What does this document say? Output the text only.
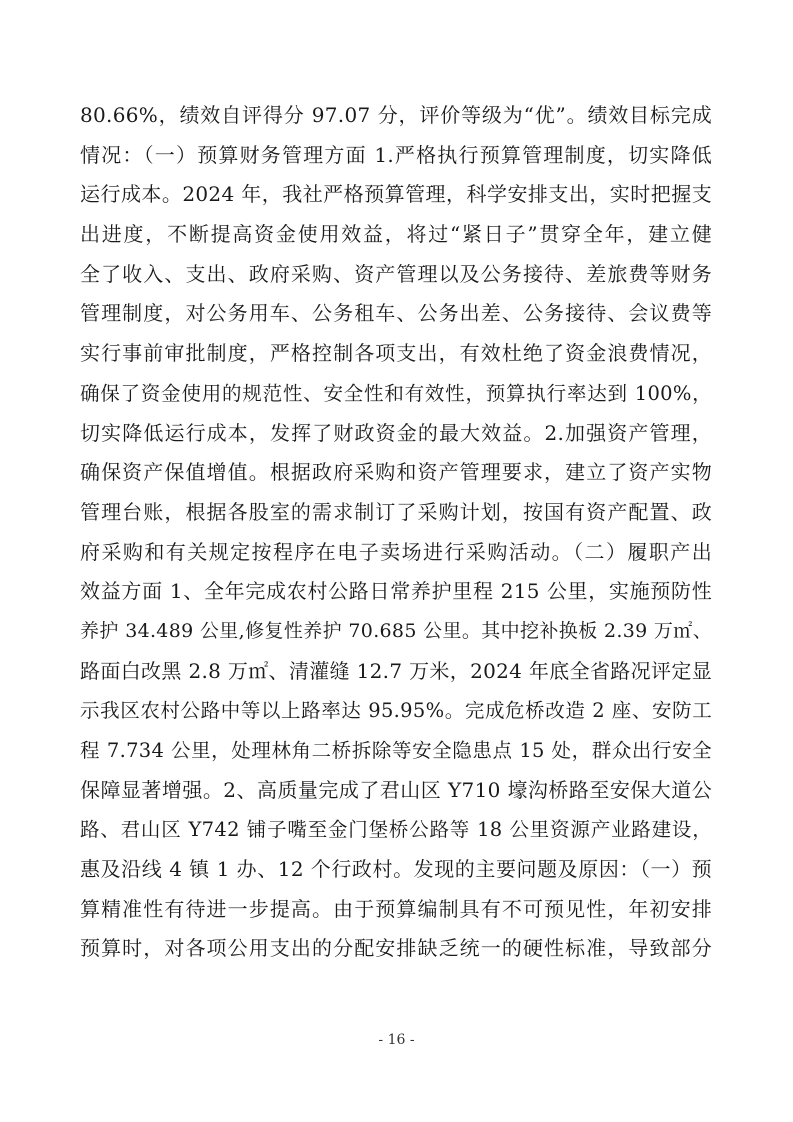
80.66%，绩效自评得分 97.07 分，评价等级为“优”。绩效目标完成
情况：（一）预算财务管理方面 1.严格执行预算管理制度，切实降低
运行成本。2024 年，我社严格预算管理，科学安排支出，实时把握支
出进度，不断提高资金使用效益，将过“紧日子”贯穿全年，建立健
全了收入、支出、政府采购、资产管理以及公务接待、差旅费等财务
管理制度，对公务用车、公务租车、公务出差、公务接待、会议费等
实行事前审批制度，严格控制各项支出，有效杜绝了资金浪费情况，
确保了资金使用的规范性、安全性和有效性，预算执行率达到 100%，
切实降低运行成本，发挥了财政资金的最大效益。2.加强资产管理，
确保资产保值增值。根据政府采购和资产管理要求，建立了资产实物
管理台账，根据各股室的需求制订了采购计划，按国有资产配置、政
府采购和有关规定按程序在电子卖场进行采购活动。（二）履职产出
效益方面 1、全年完成农村公路日常养护里程 215 公里，实施预防性
养护 34.489 公里,修复性养护 70.685 公里。其中挖补换板 2.39 万㎡、
路面白改黑 2.8 万㎡、清灌缝 12.7 万米，2024 年底全省路况评定显
示我区农村公路中等以上路率达 95.95%。完成危桥改造 2 座、安防工
程 7.734 公里，处理林角二桥拆除等安全隐患点 15 处，群众出行安全
保障显著增强。2、高质量完成了君山区 Y710 壕沟桥路至安保大道公
路、君山区 Y742 铺子嘴至金门堡桥公路等 18 公里资源产业路建设，
惠及沿线 4 镇 1 办、12 个行政村。发现的主要问题及原因：（一）预
算精准性有待进一步提高。由于预算编制具有不可预见性，年初安排
预算时，对各项公用支出的分配安排缺乏统一的硬性标准，导致部分
- 16 -
